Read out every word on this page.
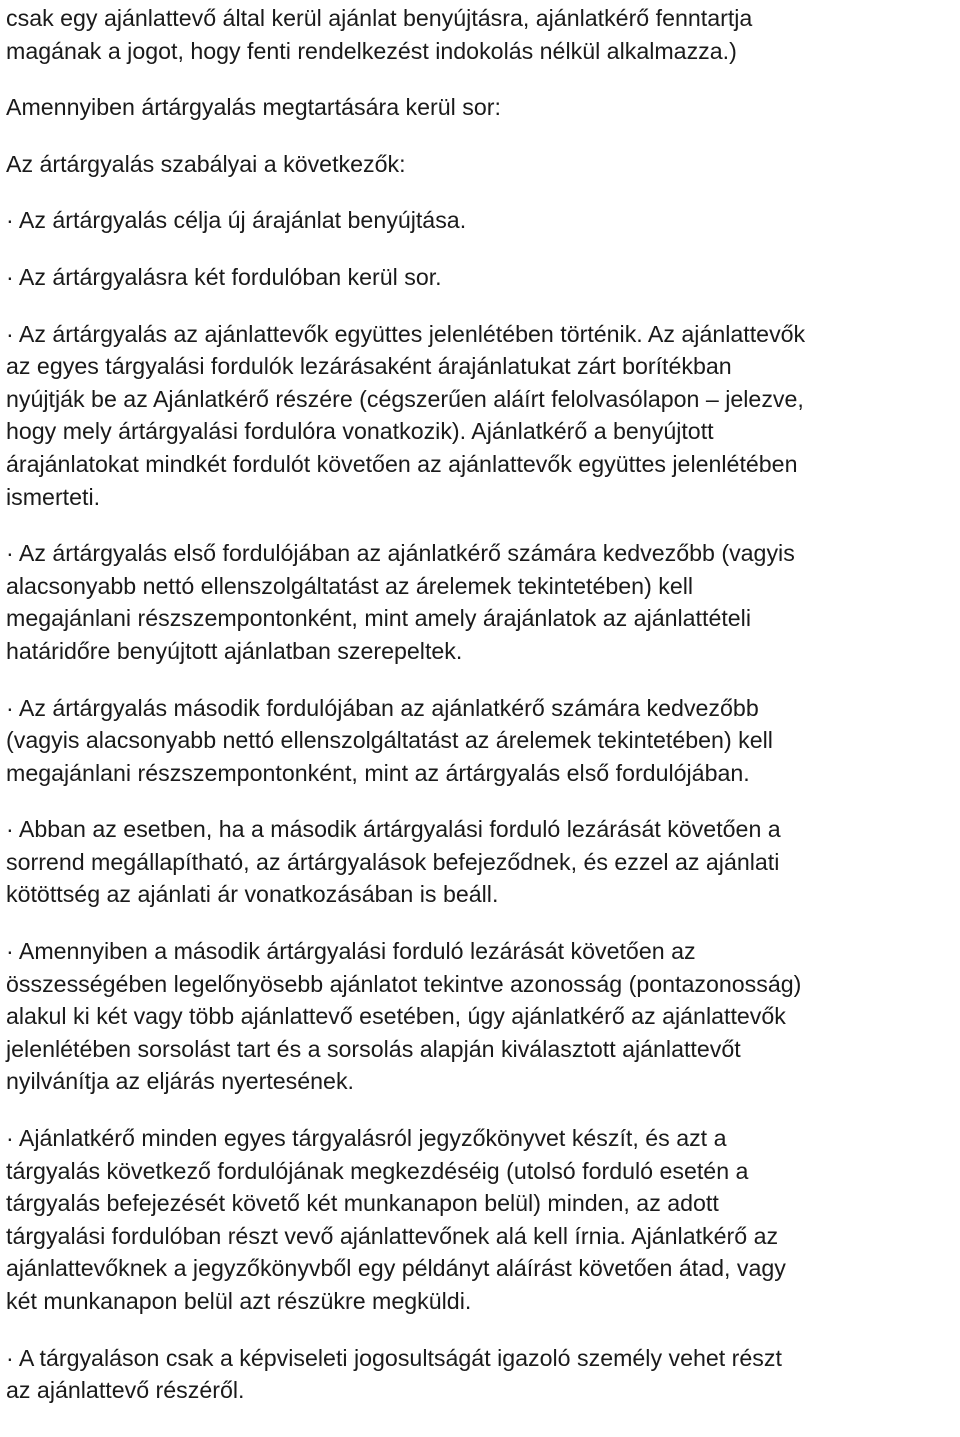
csak egy ajánlattevő által kerül ajánlat benyújtásra, ajánlatkérő fenntartja
magának a jogot, hogy fenti rendelkezést indokolás nélkül alkalmazza.)

Amennyiben ártárgyalás megtartására kerül sor:

Az ártárgyalás szabályai a következők:

· Az ártárgyalás célja új árajánlat benyújtása.

· Az ártárgyalásra két fordulóban kerül sor.

· Az ártárgyalás az ajánlattevők együttes jelenlétében történik. Az ajánlattevők
az egyes tárgyalási fordulók lezárásaként árajánlatukat zárt borítékban
nyújtják be az Ajánlatkérő részére (cégszerűen aláírt felolvasólapon – jelezve,
hogy mely ártárgyalási fordulóra vonatkozik). Ajánlatkérő a benyújtott
árajánlatokat mindkét fordulót követően az ajánlattevők együttes jelenlétében
ismerteti.

· Az ártárgyalás első fordulójában az ajánlatkérő számára kedvezőbb (vagyis
alacsonyabb nettó ellenszolgáltatást az árelemek tekintetében) kell
megajánlani részszempontonként, mint amely árajánlatok az ajánlattételi
határidőre benyújtott ajánlatban szerepeltek.

· Az ártárgyalás második fordulójában az ajánlatkérő számára kedvezőbb
(vagyis alacsonyabb nettó ellenszolgáltatást az árelemek tekintetében) kell
megajánlani részszempontonként, mint az ártárgyalás első fordulójában.

· Abban az esetben, ha a második ártárgyalási forduló lezárását követően a
sorrend megállapítható, az ártárgyalások befejeződnek, és ezzel az ajánlati
kötöttség az ajánlati ár vonatkozásában is beáll.

· Amennyiben a második ártárgyalási forduló lezárását követően az
összességében legelőnyösebb ajánlatot tekintve azonosság (pontazonosság)
alakul ki két vagy több ajánlattevő esetében, úgy ajánlatkérő az ajánlattevők
jelenlétében sorsolást tart és a sorsolás alapján kiválasztott ajánlattevőt
nyilvánítja az eljárás nyertesének.

· Ajánlatkérő minden egyes tárgyalásról jegyzőkönyvet készít, és azt a
tárgyalás következő fordulójának megkezdéséig (utolsó forduló esetén a
tárgyalás befejezését követő két munkanapon belül) minden, az adott
tárgyalási fordulóban részt vevő ajánlattevőnek alá kell írnia. Ajánlatkérő az
ajánlattevőknek a jegyzőkönyvből egy példányt aláírást követően átad, vagy
két munkanapon belül azt részükre megküldi.

· A tárgyaláson csak a képviseleti jogosultságát igazoló személy vehet részt
az ajánlattevő részéről.
